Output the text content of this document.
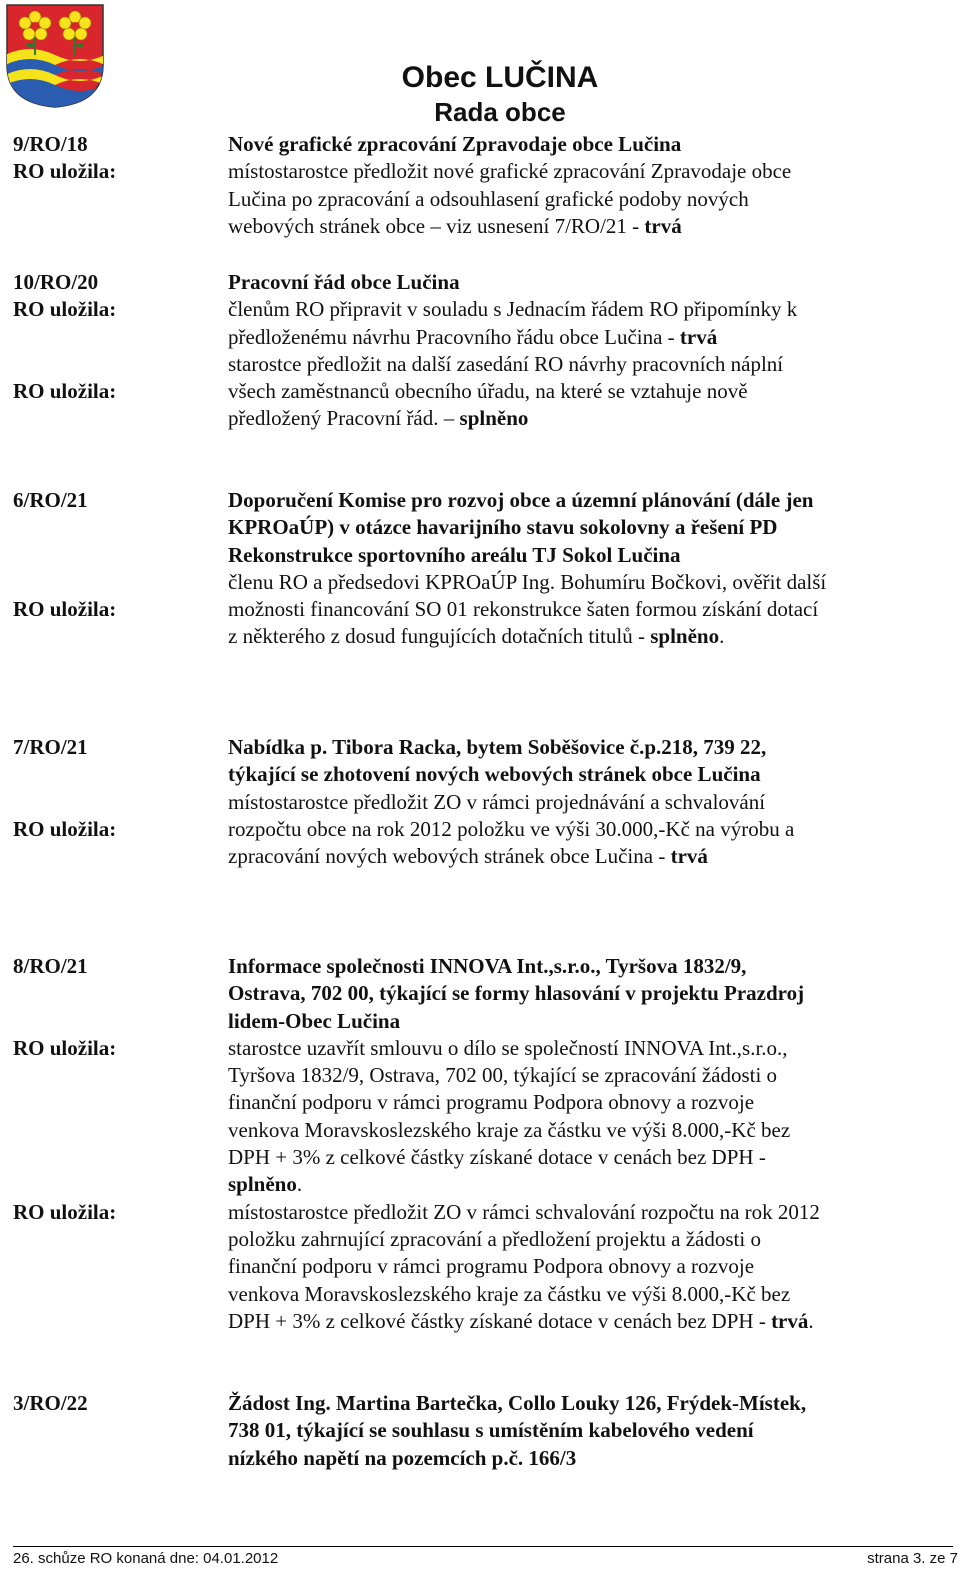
Obec LUČINA
Rada obce
9/RO/18
RO uložila:

Nové grafické zpracování Zpravodaje obce Lučina

místostarostce předložit nové grafické zpracování Zpravodaje obce Lučina po zpracování a odsouhlasení grafické podoby nových webových stránek obce – viz usnesení 7/RO/21 - trvá

10/RO/20
RO uložila:
RO uložila:

Pracovní řád obce Lučina

členům RO připravit v souladu s Jednacím řádem RO připomínky k předloženému návrhu Pracovního řádu obce Lučina - trvá

starostce předložit na další zasedání RO návrhy pracovních náplní všech zaměstnanců obecního úřadu, na které se vztahuje nově předložený Pracovní řád. – splněno

6/RO/21
RO uložila:

Doporučení Komise pro rozvoj obce a územní plánování (dále jen KPROaÚP) v otázce havarijního stavu sokolovny a řešení PD Rekonstrukce sportovního areálu TJ Sokol Lučina

členu RO a předsedovi KPROaÚP Ing. Bohumíru Bočkovi, ověřit další možnosti financování SO 01 rekonstrukce šaten formou získání dotací z některého z dosud fungujících dotačních titulů - splněno.

7/RO/21
RO uložila:

Nabídka p. Tibora Racka, bytem Soběšovice č.p.218, 739 22, týkající se zhotovení nových webových stránek obce Lučina

místostarostce předložit ZO v rámci projednávání a schvalování rozpočtu obce na rok 2012 položku ve výši 30.000,-Kč na výrobu a zpracování nových webových stránek obce Lučina - trvá

8/RO/21
RO uložila:
RO uložila:

Informace společnosti INNOVA Int.,s.r.o., Tyršova 1832/9, Ostrava, 702 00, týkající se formy hlasování v projektu Prazdroj lidem-Obec Lučina

starostce uzavřít smlouvu o dílo se společností INNOVA Int.,s.r.o., Tyršova 1832/9, Ostrava, 702 00, týkající se zpracování žádosti o finanční podporu v rámci programu Podpora obnovy a rozvoje venkova Moravskoslezského kraje za částku ve výši 8.000,-Kč bez DPH + 3% z celkové částky získané dotace v cenách bez DPH - splněno.

místostarostce předložit ZO v rámci schvalování rozpočtu na rok 2012 položku zahrnující zpracování a předložení projektu a žádosti o finanční podporu v rámci programu Podpora obnovy a rozvoje venkova Moravskoslezského kraje za částku ve výši 8.000,-Kč bez DPH + 3% z celkové částky získané dotace v cenách bez DPH - trvá.

3/RO/22	Žádost Ing. Martina Bartečka, Collo Louky 126, Frýdek-Místek, 738 01, týkající se souhlasu s umístěním kabelového vedení nízkého napětí na pozemcích p.č. 166/3

26. schůze RO konaná dne: 04.01.2012	strana 3. ze 7
